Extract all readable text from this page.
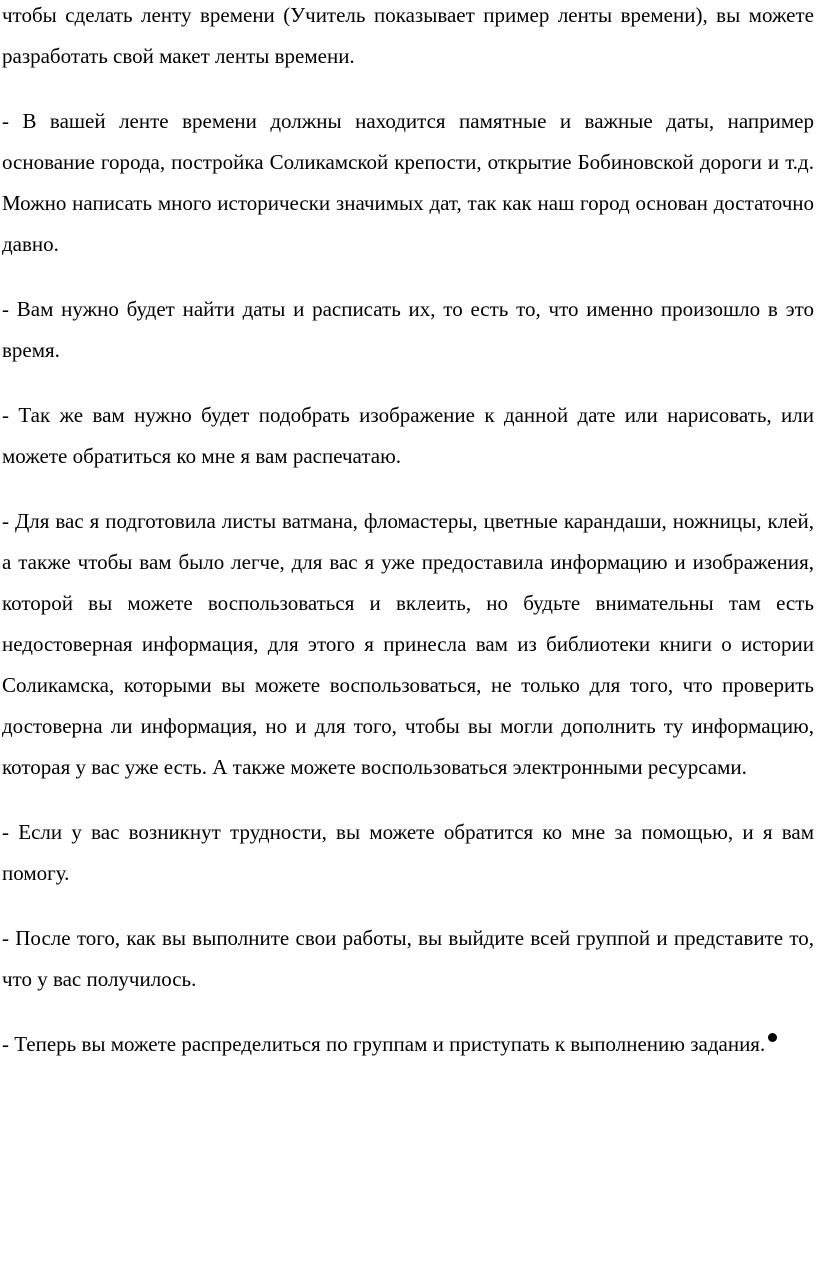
чтобы сделать ленту времени (Учитель показывает пример ленты времени), вы можете разработать свой макет ленты времени.

- В вашей ленте времени должны находится памятные и важные даты, например основание города, постройка Соликамской крепости, открытие Бобиновской дороги и т.д. Можно написать много исторически значимых дат, так как наш город основан достаточно давно.

- Вам нужно будет найти даты и расписать их, то есть то, что именно произошло в это время.

- Так же вам нужно будет подобрать изображение к данной дате или нарисовать, или можете обратиться ко мне я вам распечатаю.

- Для вас я подготовила листы ватмана, фломастеры, цветные карандаши, ножницы, клей, а также чтобы вам было легче, для вас я уже предоставила информацию и изображения, которой вы можете воспользоваться и вклеить, но будьте внимательны там есть недостоверная информация, для этого я принесла вам из библиотеки книги о истории Соликамска, которыми вы можете воспользоваться, не только для того, что проверить достоверна ли информация, но и для того, чтобы вы могли дополнить ту информацию, которая у вас уже есть. А также можете воспользоваться электронными ресурсами.

- Если у вас возникнут трудности, вы можете обратится ко мне за помощью, и я вам помогу.

- После того, как вы выполните свои работы, вы выйдите всей группой и представите то, что у вас получилось.

- Теперь вы можете распределиться по группам и приступать к выполнению задания.
